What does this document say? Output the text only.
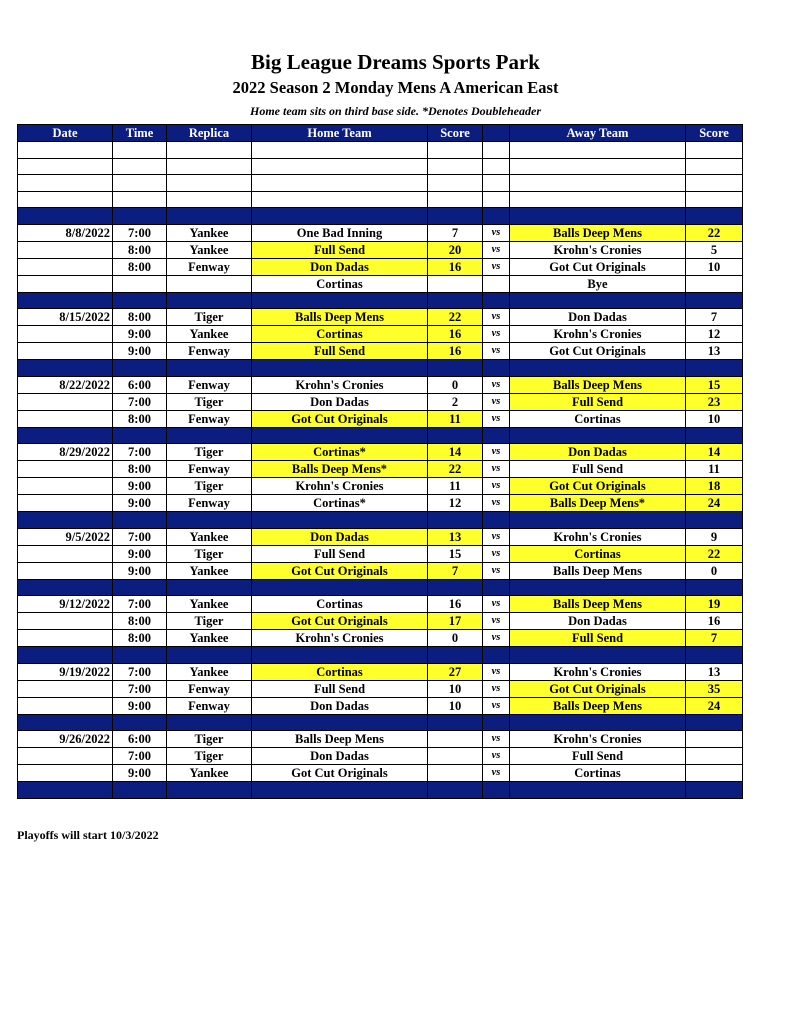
Big League Dreams Sports Park
2022 Season 2 Monday Mens A American East
Home team sits on third base side. *Denotes Doubleheader
Date	Time	Replica	Home Team	Score		Away Team	Score

8/8/2022	7:00	Yankee	One Bad Inning	7	vs	Balls Deep Mens	22
	8:00	Yankee	Full Send	20	vs	Krohn's Cronies	5
	8:00	Fenway	Don Dadas	16	vs	Got Cut Originals	10
			Cortinas			Bye	

8/15/2022	8:00	Tiger	Balls Deep Mens	22	vs	Don Dadas	7
	9:00	Yankee	Cortinas	16	vs	Krohn's Cronies	12
	9:00	Fenway	Full Send	16	vs	Got Cut Originals	13

8/22/2022	6:00	Fenway	Krohn's Cronies	0	vs	Balls Deep Mens	15
	7:00	Tiger	Don Dadas	2	vs	Full Send	23
	8:00	Fenway	Got Cut Originals	11	vs	Cortinas	10

8/29/2022	7:00	Tiger	Cortinas*	14	vs	Don Dadas	14
	8:00	Fenway	Balls Deep Mens*	22	vs	Full Send	11
	9:00	Tiger	Krohn's Cronies	11	vs	Got Cut Originals	18
	9:00	Fenway	Cortinas*	12	vs	Balls Deep Mens*	24

9/5/2022	7:00	Yankee	Don Dadas	13	vs	Krohn's Cronies	9
	9:00	Tiger	Full Send	15	vs	Cortinas	22
	9:00	Yankee	Got Cut Originals	7	vs	Balls Deep Mens	0

9/12/2022	7:00	Yankee	Cortinas	16	vs	Balls Deep Mens	19
	8:00	Tiger	Got Cut Originals	17	vs	Don Dadas	16
	8:00	Yankee	Krohn's Cronies	0	vs	Full Send	7

9/19/2022	7:00	Yankee	Cortinas	27	vs	Krohn's Cronies	13
	7:00	Fenway	Full Send	10	vs	Got Cut Originals	35
	9:00	Fenway	Don Dadas	10	vs	Balls Deep Mens	24

9/26/2022	6:00	Tiger	Balls Deep Mens		vs	Krohn's Cronies	
	7:00	Tiger	Don Dadas		vs	Full Send	
	9:00	Yankee	Got Cut Originals		vs	Cortinas	

Playoffs will start 10/3/2022
